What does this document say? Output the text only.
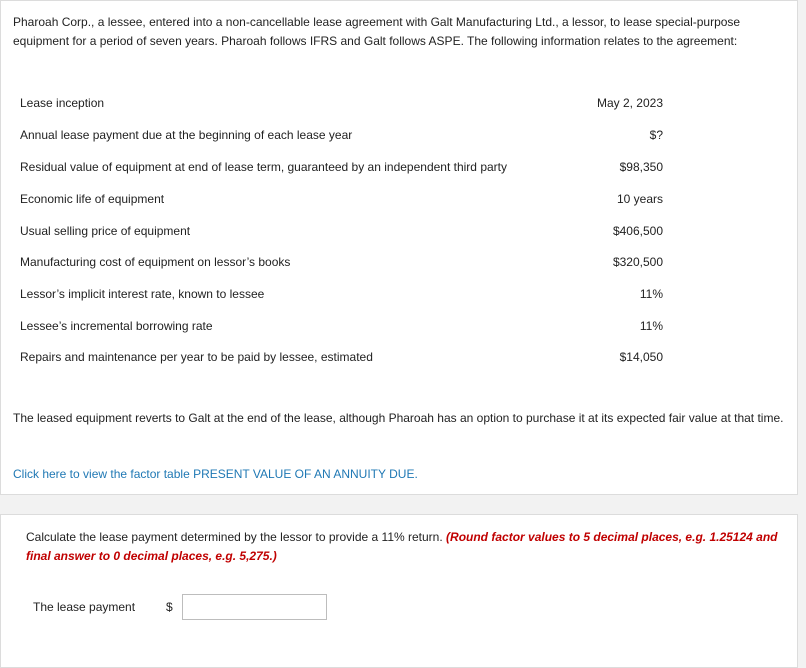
Pharoah Corp., a lessee, entered into a non-cancellable lease agreement with Galt Manufacturing Ltd., a lessor, to lease special-purpose equipment for a period of seven years. Pharoah follows IFRS and Galt follows ASPE. The following information relates to the agreement:
Lease inception	May 2, 2023
Annual lease payment due at the beginning of each lease year	$?
Residual value of equipment at end of lease term, guaranteed by an independent third party	$98,350
Economic life of equipment	10 years
Usual selling price of equipment	$406,500
Manufacturing cost of equipment on lessor’s books	$320,500
Lessor’s implicit interest rate, known to lessee	11%
Lessee’s incremental borrowing rate	11%
Repairs and maintenance per year to be paid by lessee, estimated	$14,050
The leased equipment reverts to Galt at the end of the lease, although Pharoah has an option to purchase it at its expected fair value at that time.
Click here to view the factor table PRESENT VALUE OF AN ANNUITY DUE.
Calculate the lease payment determined by the lessor to provide a 11% return. (Round factor values to 5 decimal places, e.g. 1.25124 and final answer to 0 decimal places, e.g. 5,275.)
The lease payment	$
